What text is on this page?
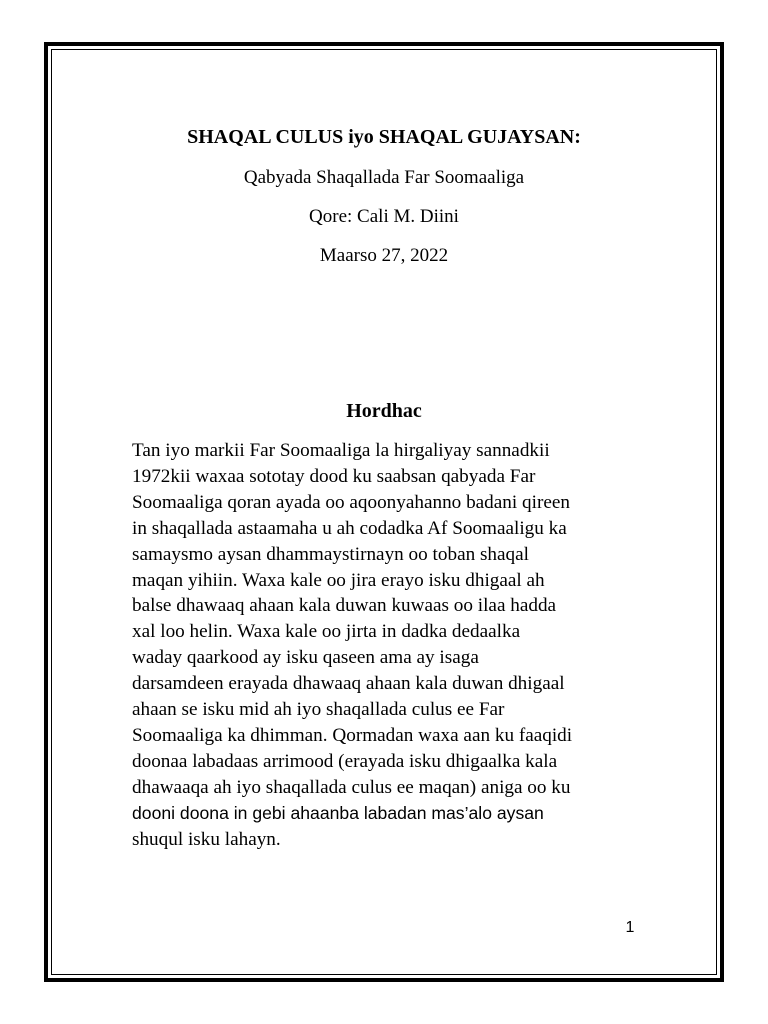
SHAQAL CULUS iyo SHAQAL GUJAYSAN:

Qabyada Shaqallada Far Soomaaliga

Qore: Cali M. Diini

Maarso 27, 2022

Hordhac

Tan iyo markii Far Soomaaliga la hirgaliyay sannadkii
1972kii waxaa sototay dood ku saabsan qabyada Far
Soomaaliga qoran ayada oo aqoonyahanno badani qireen
in shaqallada astaamaha u ah codadka Af Soomaaligu ka
samaysmo aysan dhammaystirnayn oo toban shaqal
maqan yihiin. Waxa kale oo jira erayo isku dhigaal ah
balse dhawaaq ahaan kala duwan kuwaas oo ilaa hadda
xal loo helin. Waxa kale oo jirta in dadka dedaalka
waday qaarkood ay isku qaseen ama ay isaga
darsamdeen erayada dhawaaq ahaan kala duwan dhigaal
ahaan se isku mid ah iyo shaqallada culus ee Far
Soomaaliga ka dhimman. Qormadan waxa aan ku faaqidi
doonaa labadaas arrimood (erayada isku dhigaalka kala
dhawaaqa ah iyo shaqallada culus ee maqan) aniga oo ku
dooni doona in gebi ahaanba labadan mas’alo aysan
shuqul isku lahayn.

1
